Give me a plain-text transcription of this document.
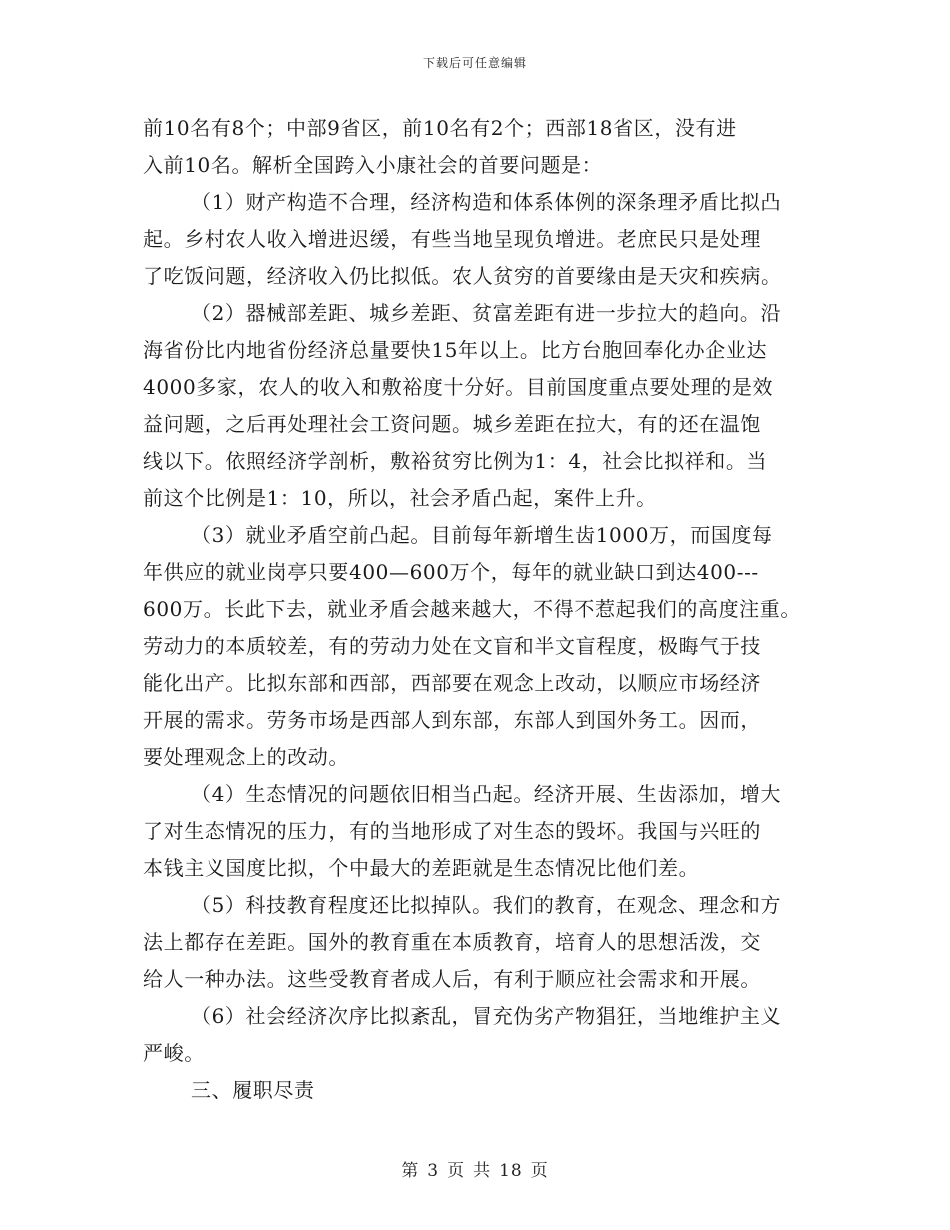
下载后可任意编辑
前10名有8个；中部9省区，前10名有2个；西部18省区，没有进
入前10名。解析全国跨入小康社会的首要问题是：
（1）财产构造不合理，经济构造和体系体例的深条理矛盾比拟凸
起。乡村农人收入增进迟缓，有些当地呈现负增进。老庶民只是处理
了吃饭问题，经济收入仍比拟低。农人贫穷的首要缘由是天灾和疾病。
（2）器械部差距、城乡差距、贫富差距有进一步拉大的趋向。沿
海省份比内地省份经济总量要快15年以上。比方台胞回奉化办企业达
4000多家，农人的收入和敷裕度十分好。目前国度重点要处理的是效
益问题，之后再处理社会工资问题。城乡差距在拉大，有的还在温饱
线以下。依照经济学剖析，敷裕贫穷比例为1：4，社会比拟祥和。当
前这个比例是1：10，所以，社会矛盾凸起，案件上升。
（3）就业矛盾空前凸起。目前每年新增生齿1000万，而国度每
年供应的就业岗亭只要400—600万个，每年的就业缺口到达400---
600万。长此下去，就业矛盾会越来越大，不得不惹起我们的高度注重。
劳动力的本质较差，有的劳动力处在文盲和半文盲程度，极晦气于技
能化出产。比拟东部和西部，西部要在观念上改动，以顺应市场经济
开展的需求。劳务市场是西部人到东部，东部人到国外务工。因而，
要处理观念上的改动。
（4）生态情况的问题依旧相当凸起。经济开展、生齿添加，增大
了对生态情况的压力，有的当地形成了对生态的毁坏。我国与兴旺的
本钱主义国度比拟，个中最大的差距就是生态情况比他们差。
（5）科技教育程度还比拟掉队。我们的教育，在观念、理念和方
法上都存在差距。国外的教育重在本质教育，培育人的思想活泼，交
给人一种办法。这些受教育者成人后，有利于顺应社会需求和开展。
（6）社会经济次序比拟紊乱，冒充伪劣产物猖狂，当地维护主义
严峻。
三、履职尽责
第 3 页 共 18 页
